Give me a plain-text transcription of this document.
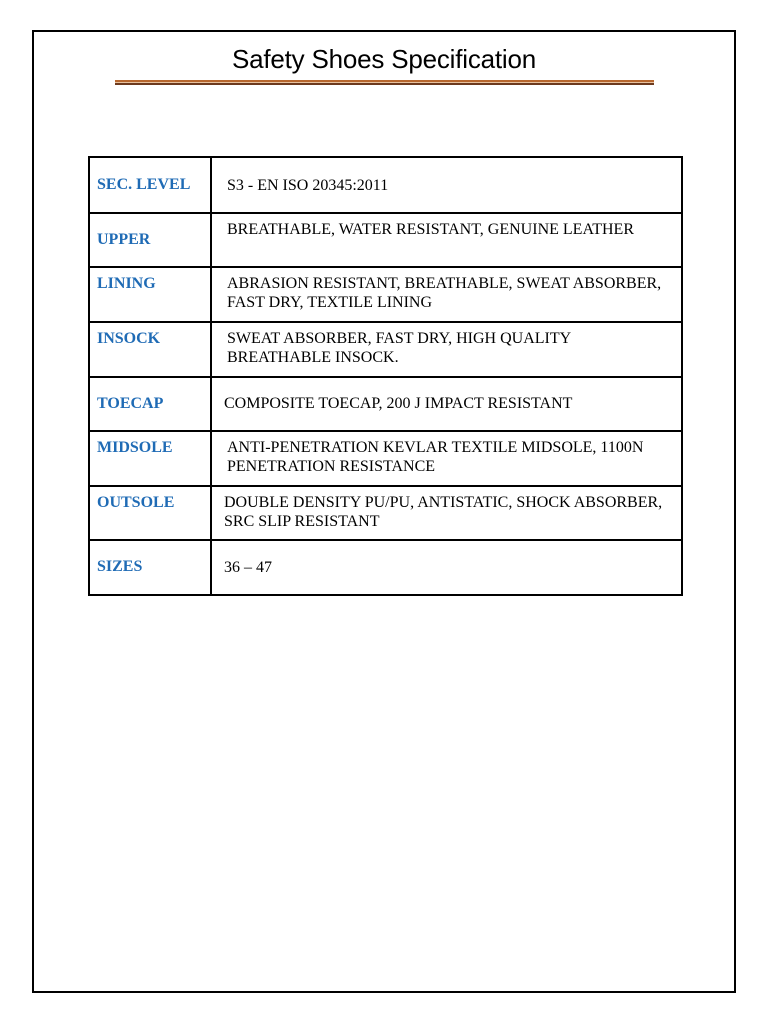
Safety Shoes Specification
SEC. LEVEL	S3 - EN ISO 20345:2011
UPPER	BREATHABLE, WATER RESISTANT, GENUINE LEATHER
LINING	ABRASION RESISTANT, BREATHABLE, SWEAT ABSORBER, FAST DRY, TEXTILE LINING
INSOCK	SWEAT ABSORBER, FAST DRY, HIGH QUALITY BREATHABLE INSOCK.
TOECAP	COMPOSITE TOECAP, 200 J IMPACT RESISTANT
MIDSOLE	ANTI-PENETRATION KEVLAR TEXTILE MIDSOLE, 1100N PENETRATION RESISTANCE
OUTSOLE	DOUBLE DENSITY PU/PU, ANTISTATIC, SHOCK ABSORBER, SRC SLIP RESISTANT
SIZES	36 – 47
